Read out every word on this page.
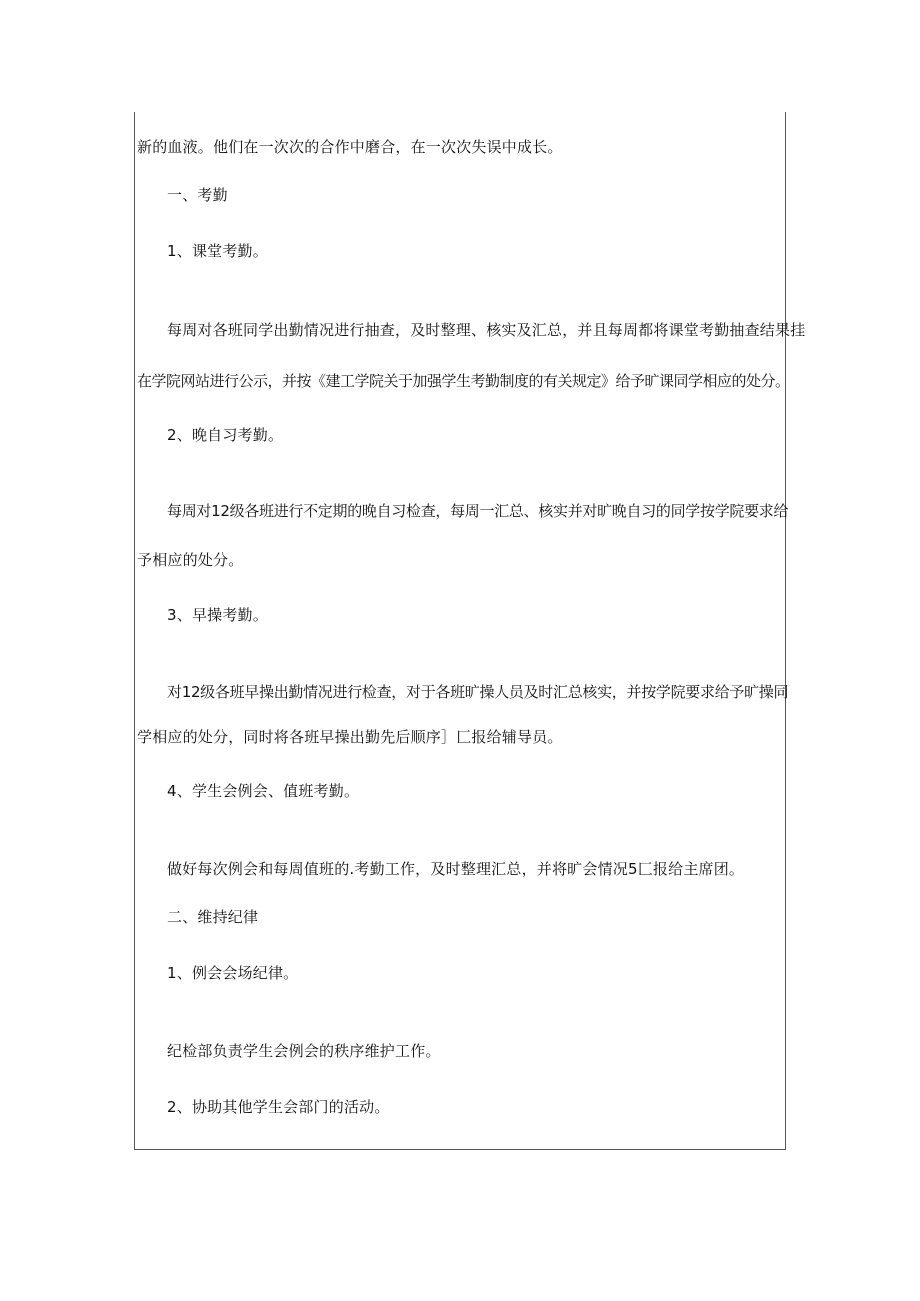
新的血液。他们在一次次的合作中磨合，在一次次失误中成长。
一、考勤
1、课堂考勤。
每周对各班同学出勤情况进行抽查，及时整理、核实及汇总，并且每周都将课堂考勤抽查结果挂
在学院网站进行公示，并按《建工学院关于加强学生考勤制度的有关规定》给予旷课同学相应的处分。
2、晚自习考勤。
每周对12级各班进行不定期的晚自习检查，每周一汇总、核实并对旷晚自习的同学按学院要求给
予相应的处分。
3、早操考勤。
对12级各班早操出勤情况进行检查，对于各班旷操人员及时汇总核实，并按学院要求给予旷操同
学相应的处分，同时将各班早操出勤先后顺序］匚报给辅导员。
4、学生会例会、值班考勤。
做好每次例会和每周值班的.考勤工作，及时整理汇总，并将旷会情况5匚报给主席团。
二、维持纪律
1、例会会场纪律。
纪检部负责学生会例会的秩序维护工作。
2、协助其他学生会部门的活动。
